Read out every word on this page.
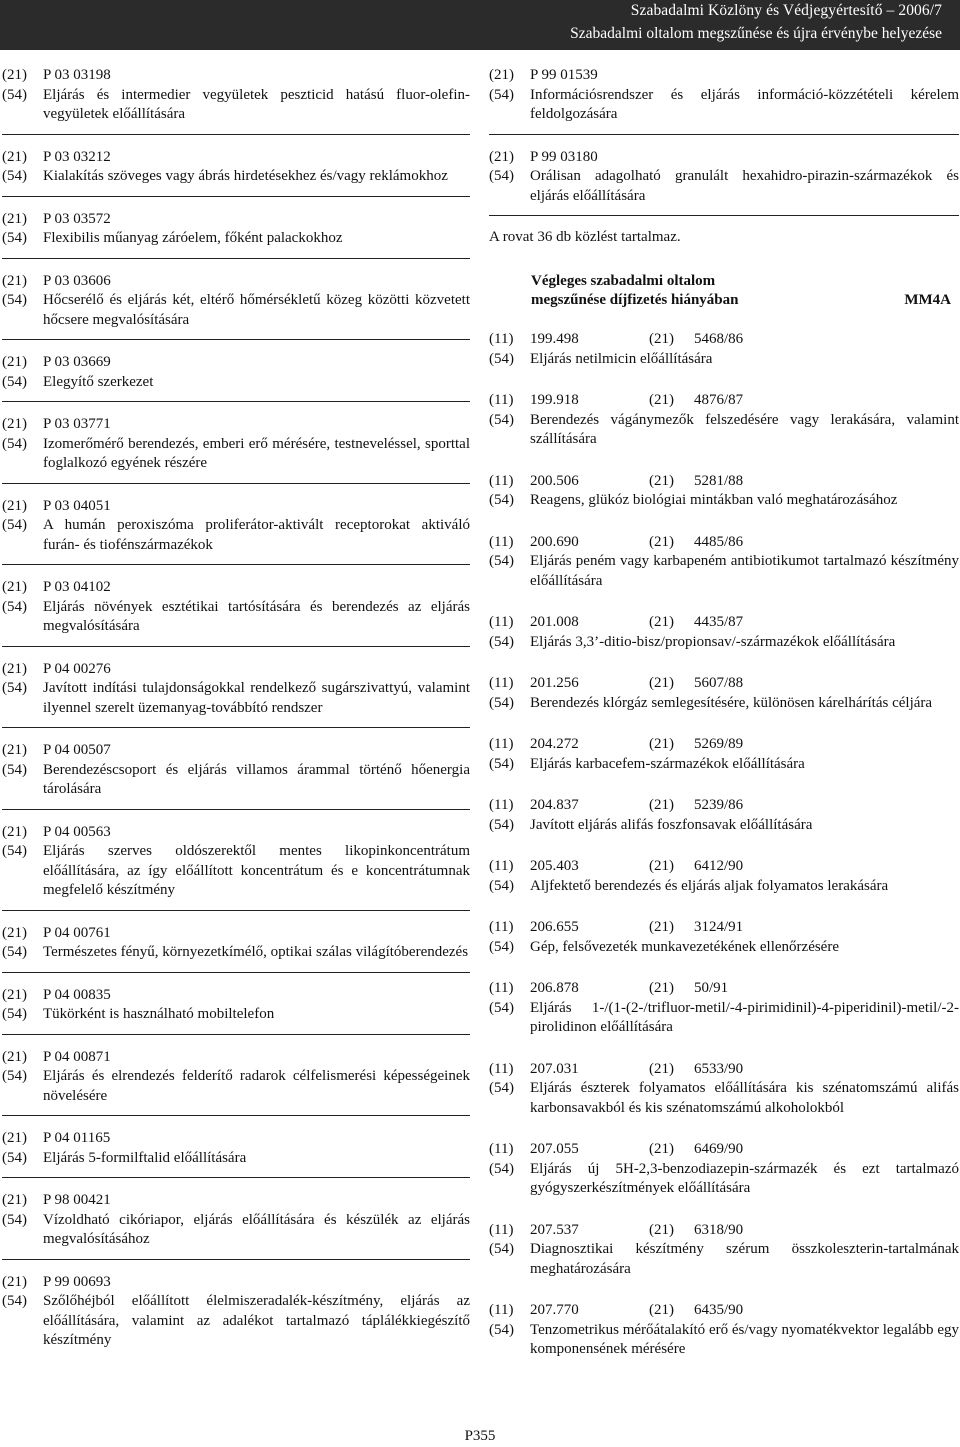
Szabadalmi Közlöny és Védjegyértesítő – 2006/7
Szabadalmi oltalom megszűnése és újra érvénybe helyezése
(21)	P 03 03198
(54)	Eljárás és intermedier vegyületek peszticid hatású fluor-olefin-vegyületek előállítására
(21)	P 03 03212
(54)	Kialakítás szöveges vagy ábrás hirdetésekhez és/vagy reklámokhoz
(21)	P 03 03572
(54)	Flexibilis műanyag záróelem, főként palackokhoz
(21)	P 03 03606
(54)	Hőcserélő és eljárás két, eltérő hőmérsékletű közeg közötti közvetett hőcsere megvalósítására
(21)	P 03 03669
(54)	Elegyítő szerkezet
(21)	P 03 03771
(54)	Izomerőmérő berendezés, emberi erő mérésére, testneveléssel, sporttal foglalkozó egyének részére
(21)	P 03 04051
(54)	A humán peroxiszóma proliferátor-aktivált receptorokat aktiváló furán- és tiofénszármazékok
(21)	P 03 04102
(54)	Eljárás növények esztétikai tartósítására és berendezés az eljárás megvalósítására
(21)	P 04 00276
(54)	Javított indítási tulajdonságokkal rendelkező sugárszivattyú, valamint ilyennel szerelt üzemanyag-továbbító rendszer
(21)	P 04 00507
(54)	Berendezéscsoport és eljárás villamos árammal történő hőenergia tárolására
(21)	P 04 00563
(54)	Eljárás szerves oldószerektől mentes likopinkoncentrátum előállítására, az így előállított koncentrátum és e koncentrátumnak megfelelő készítmény
(21)	P 04 00761
(54)	Természetes fényű, környezetkímélő, optikai szálas világítóberendezés
(21)	P 04 00835
(54)	Tükörként is használható mobiltelefon
(21)	P 04 00871
(54)	Eljárás és elrendezés felderítő radarok célfelismerési képességeinek növelésére
(21)	P 04 01165
(54)	Eljárás 5-formilftalid előállítására
(21)	P 98 00421
(54)	Vízoldható cikóriapor, eljárás előállítására és készülék az eljárás megvalósításához
(21)	P 99 00693
(54)	Szőlőhéjból előállított élelmiszeradalék-készítmény, eljárás az előállítására, valamint az adalékot tartalmazó táplálékkiegészítő készítmény
(21)	P 99 01539
(54)	Információsrendszer és eljárás információ-közzétételi kérelem feldolgozására
(21)	P 99 03180
(54)	Orálisan adagolható granulált hexahidro-pirazin-származékok és eljárás előállítására
A rovat 36 db közlést tartalmaz.
Végleges szabadalmi oltalom
megszűnése díjfizetés hiányában	MM4A
(11)	199.498	(21)	5468/86
(54)	Eljárás netilmicin előállítására
(11)	199.918	(21)	4876/87
(54)	Berendezés vágánymezők felszedésére vagy lerakására, valamint szállítására
(11)	200.506	(21)	5281/88
(54)	Reagens, glükóz biológiai mintákban való meghatározásához
(11)	200.690	(21)	4485/86
(54)	Eljárás peném vagy karbapeném antibiotikumot tartalmazó készítmény előállítására
(11)	201.008	(21)	4435/87
(54)	Eljárás 3,3’-ditio-bisz/propionsav/-származékok előállítására
(11)	201.256	(21)	5607/88
(54)	Berendezés klórgáz semlegesítésére, különösen kárelhárítás céljára
(11)	204.272	(21)	5269/89
(54)	Eljárás karbacefem-származékok előállítására
(11)	204.837	(21)	5239/86
(54)	Javított eljárás alifás foszfonsavak előállítására
(11)	205.403	(21)	6412/90
(54)	Aljfektető berendezés és eljárás aljak folyamatos lerakására
(11)	206.655	(21)	3124/91
(54)	Gép, felsővezeték munkavezetékének ellenőrzésére
(11)	206.878	(21)	50/91
(54)	Eljárás 1-/(1-(2-/trifluor-metil/-4-pirimidinil)-4-piperidinil)-metil/-2-pirolidinon előállítására
(11)	207.031	(21)	6533/90
(54)	Eljárás észterek folyamatos előállítására kis szénatomszámú alifás karbonsavakból és kis szénatomszámú alkoholokból
(11)	207.055	(21)	6469/90
(54)	Eljárás új 5H-2,3-benzodiazepin-származék és ezt tartalmazó gyógyszerkészítmények előállítására
(11)	207.537	(21)	6318/90
(54)	Diagnosztikai készítmény szérum összkoleszterin-tartalmának meghatározására
(11)	207.770	(21)	6435/90
(54)	Tenzometrikus mérőátalakító erő és/vagy nyomatékvektor legalább egy komponensének mérésére
P355
